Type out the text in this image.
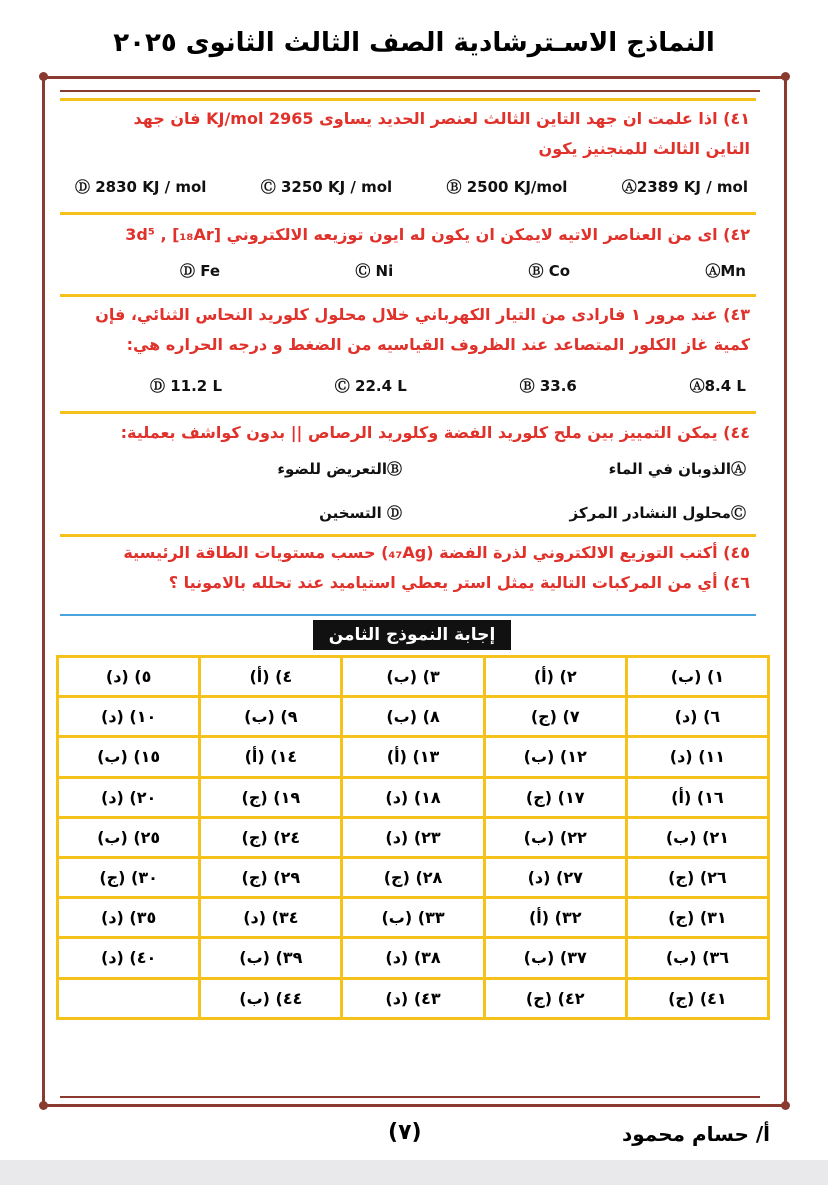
النماذج الاسـترشادية الصف الثالث الثانوى ٢٠٢٥
٤١) اذا علمت ان جهد التاين الثالث لعنصر الحديد يساوى 2965 KJ/mol فان جهد
التاين الثالث للمنجنيز يكون
Ⓐ2389 KJ / mol
Ⓑ 2500 KJ/mol
Ⓒ 3250 KJ / mol
Ⓓ 2830 KJ / mol
٤٢) اى من العناصر الاتيه لايمكن ان يكون له ايون توزيعه الالكتروني 3d⁵ , [₁₈Ar]
ⒶMn
Ⓑ Co
Ⓒ Ni
Ⓓ Fe
٤٣) عند مرور ١ فارادى من التيار الكهرباني خلال محلول كلوريد النحاس الثنائي، فإن
كمية غاز الكلور المتصاعد عند الظروف القياسيه من الضغط و درجه الحراره هي:
Ⓐ8.4 L
Ⓑ 33.6
Ⓒ 22.4 L
Ⓓ 11.2 L
٤٤) يمكن التمييز بين ملح كلوريد الفضة وكلوريد الرصاص || بدون كواشف بعملية:
Ⓐالذوبان في الماء
Ⓑالتعريض للضوء
Ⓒمحلول النشادر المركز
Ⓓ التسخين
٤٥) أكتب التوزيع الالكتروني لذرة الفضة (₄₇Ag) حسب مستويات الطاقة الرئيسية
٤٦) أي من المركبات التالية يمثل استر يعطي استياميد عند تحلله بالامونيا ؟
إجابة النموذج الثامن
١) (ب)	٢) (أ)	٣) (ب)	٤) (أ)	٥) (د)
٦) (د)	٧) (ج)	٨) (ب)	٩) (ب)	١٠) (د)
١١) (د)	١٢) (ب)	١٣) (أ)	١٤) (أ)	١٥) (ب)
١٦) (أ)	١٧) (ج)	١٨) (د)	١٩) (ج)	٢٠) (د)
٢١) (ب)	٢٢) (ب)	٢٣) (د)	٢٤) (ج)	٢٥) (ب)
٢٦) (ج)	٢٧) (د)	٢٨) (ج)	٢٩) (ج)	٣٠) (ج)
٣١) (ج)	٣٢) (أ)	٣٣) (ب)	٣٤) (د)	٣٥) (د)
٣٦) (ب)	٣٧) (ب)	٣٨) (د)	٣٩) (ب)	٤٠) (د)
٤١) (ج)	٤٢) (ج)	٤٣) (د)	٤٤) (ب)	
(٧)	أ/ حسام محمود
